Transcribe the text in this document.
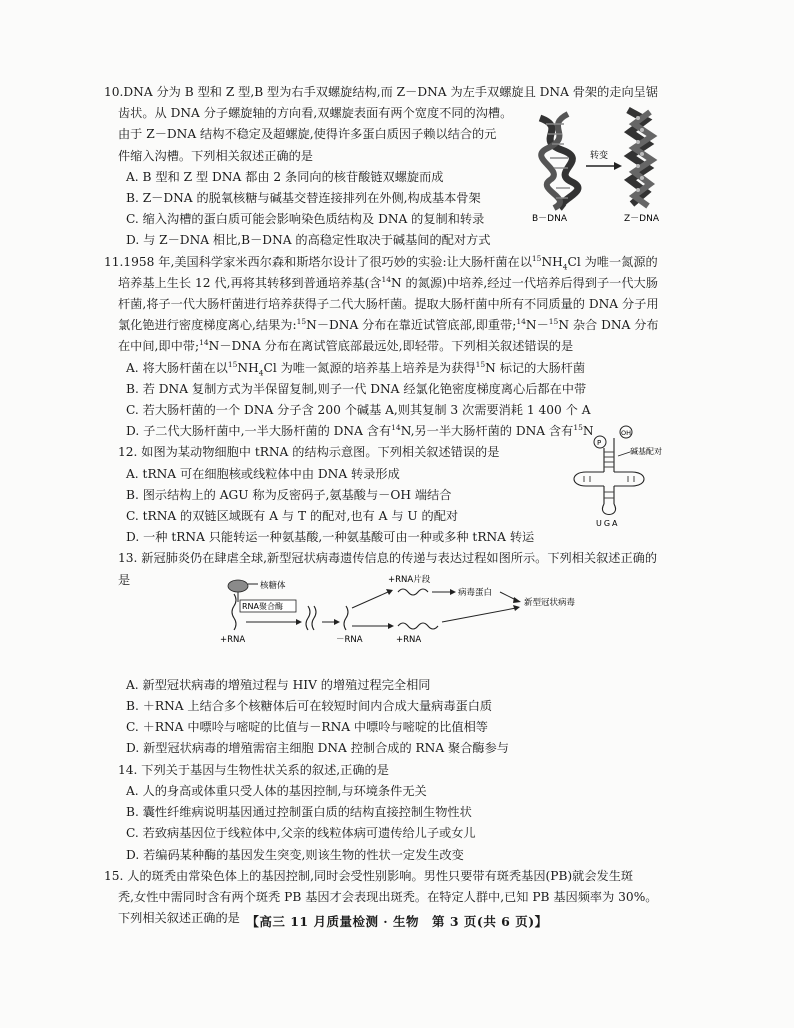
10.DNA 分为 B 型和 Z 型,B 型为右手双螺旋结构,而 Z－DNA 为左手双螺旋且 DNA 骨架的走向呈锯
齿状。从 DNA 分子螺旋轴的方向看,双螺旋表面有两个宽度不同的沟槽。
由于 Z－DNA 结构不稳定及超螺旋,使得许多蛋白质因子赖以结合的元
件缩入沟槽。下列相关叙述正确的是
A. B 型和 Z 型 DNA 都由 2 条同向的核苷酸链双螺旋而成
B. Z－DNA 的脱氧核糖与碱基交替连接排列在外侧,构成基本骨架
C. 缩入沟槽的蛋白质可能会影响染色质结构及 DNA 的复制和转录
D. 与 Z－DNA 相比,B－DNA 的高稳定性取决于碱基间的配对方式
11.1958 年,美国科学家米西尔森和斯塔尔设计了很巧妙的实验:让大肠杆菌在以$^{15}NH_4Cl$ 为唯一氮源的培养基上生长 12 代,再将其转移到普通培养基(含$^{14}$N 的氮源)中培养,经过一代培养后得到子一代大肠杆菌,将子一代大肠杆菌进行培养获得子二代大肠杆菌。提取大肠杆菌中所有不同质量的 DNA 分子用氯化铯进行密度梯度离心,结果为:$^{15}$N－DNA 分布在靠近试管底部,即重带;$^{14}$N－$^{15}$N 杂合 DNA 分布在中间,即中带;$^{14}$N－DNA 分布在离试管底部最远处,即轻带。下列相关叙述错误的是
A. 将大肠杆菌在以$^{15}NH_4Cl$ 为唯一氮源的培养基上培养是为获得$^{15}$N 标记的大肠杆菌
B. 若 DNA 复制方式为半保留复制,则子一代 DNA 经氯化铯密度梯度离心后都在中带
C. 若大肠杆菌的一个 DNA 分子含 200 个碱基 A,则其复制 3 次需要消耗 1 400 个 A
D. 子二代大肠杆菌中,一半大肠杆菌的 DNA 含有$^{14}$N,另一半大肠杆菌的 DNA 含有$^{15}$N
12. 如图为某动物细胞中 tRNA 的结构示意图。下列相关叙述错误的是
A. tRNA 可在细胞核或线粒体中由 DNA 转录形成
B. 图示结构上的 AGU 称为反密码子,氨基酸与－OH 端结合
C. tRNA 的双链区域既有 A 与 T 的配对,也有 A 与 U 的配对
D. 一种 tRNA 只能转运一种氨基酸,一种氨基酸可由一种或多种 tRNA 转运
13. 新冠肺炎仍在肆虐全球,新型冠状病毒遗传信息的传递与表达过程如图所示。下列相关叙述正确的是
A. 新型冠状病毒的增殖过程与 HIV 的增殖过程完全相同
B. ＋RNA 上结合多个核糖体后可在较短时间内合成大量病毒蛋白质
C. ＋RNA 中嘌呤与嘧啶的比值与－RNA 中嘌呤与嘧啶的比值相等
D. 新型冠状病毒的增殖需宿主细胞 DNA 控制合成的 RNA 聚合酶参与
14. 下列关于基因与生物性状关系的叙述,正确的是
A. 人的身高或体重只受人体的基因控制,与环境条件无关
B. 囊性纤维病说明基因通过控制蛋白质的结构直接控制生物性状
C. 若致病基因位于线粒体中,父亲的线粒体病可遗传给儿子或女儿
D. 若编码某种酶的基因发生突变,则该生物的性状一定发生改变
15. 人的斑秃由常染色体上的基因控制,同时会受性别影响。男性只要带有斑秃基因(PB)就会发生斑
秃,女性中需同时含有两个斑秃 PB 基因才会表现出斑秃。在特定人群中,已知 PB 基因频率为 30%。
下列相关叙述正确的是
B－DNA
转变
Z－DNA
P
OH
碱基配对
UGA
核糖体
+RNA
RNA聚合酶
－RNA
+RNA片段
病毒蛋白
新型冠状病毒
+RNA
【高三 11 月质量检测 · 生物　第 3 页(共 6 页)】
